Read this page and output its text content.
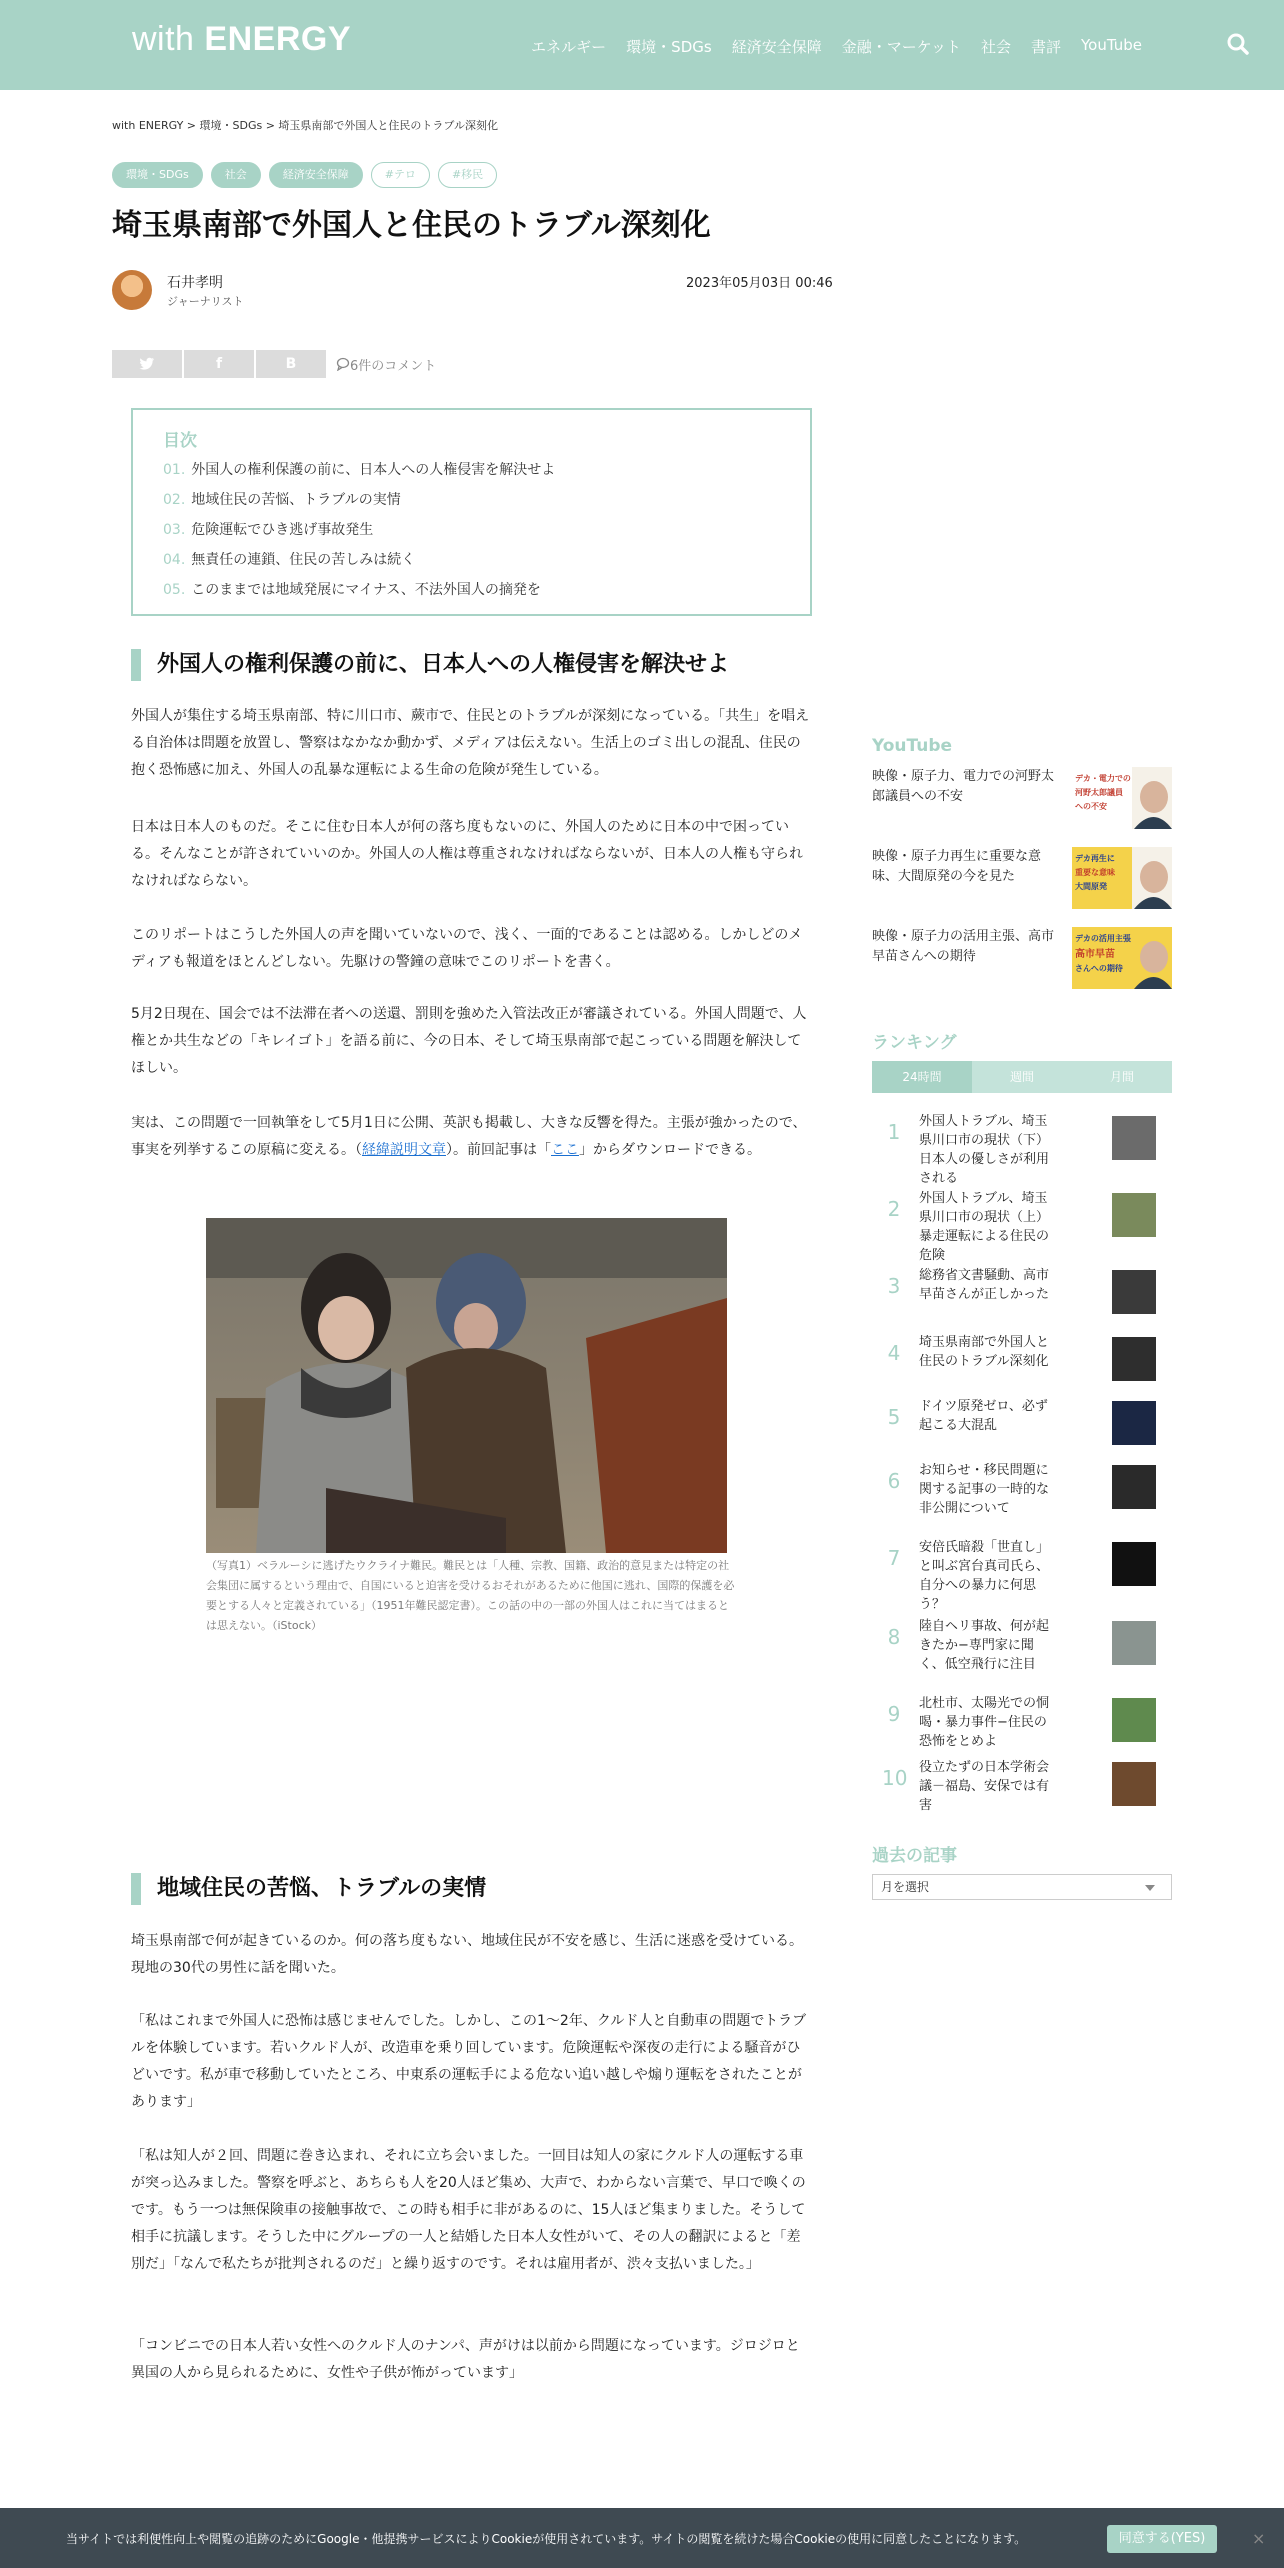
with ENERGY	エネルギー 環境・SDGs 経済安全保障 金融・マーケット 社会 書評 YouTube
with ENERGY > 環境・SDGs > 埼玉県南部で外国人と住民のトラブル深刻化
環境・SDGs	社会	経済安全保障	#テロ	#移民
埼玉県南部で外国人と住民のトラブル深刻化
石井孝明
ジャーナリスト
2023年05月03日 00:46
f	B	6件のコメント
目次
01. 外国人の権利保護の前に、日本人への人権侵害を解決せよ
02. 地域住民の苦悩、トラブルの実情
03. 危険運転でひき逃げ事故発生
04. 無責任の連鎖、住民の苦しみは続く
05. このままでは地域発展にマイナス、不法外国人の摘発を
外国人の権利保護の前に、日本人への人権侵害を解決せよ

外国人が集住する埼玉県南部、特に川口市、蕨市で、住民とのトラブルが深刻になっている。「共生」を唱える自治体は問題を放置し、警察はなかなか動かず、メディアは伝えない。生活上のゴミ出しの混乱、住民の抱く恐怖感に加え、外国人の乱暴な運転による生命の危険が発生している。

日本は日本人のものだ。そこに住む日本人が何の落ち度もないのに、外国人のために日本の中で困っている。そんなことが許されていいのか。外国人の人権は尊重されなければならないが、日本人の人権も守られなければならない。

このリポートはこうした外国人の声を聞いていないので、浅く、一面的であることは認める。しかしどのメディアも報道をほとんどしない。先駆けの警鐘の意味でこのリポートを書く。

5月2日現在、国会では不法滞在者への送還、罰則を強めた入管法改正が審議されている。外国人問題で、人権とか共生などの「キレイゴト」を語る前に、今の日本、そして埼玉県南部で起こっている問題を解決してほしい。

実は、この問題で一回執筆をして5月1日に公開、英訳も掲載し、大きな反響を得た。主張が強かったので、事実を列挙するこの原稿に変える。（経緯説明文章）。前回記事は「ここ」からダウンロードできる。

（写真1）ベラルーシに逃げたウクライナ難民。難民とは「人種、宗教、国籍、政治的意見または特定の社会集団に属するという理由で、自国にいると迫害を受けるおそれがあるために他国に逃れ、国際的保護を必要とする人々と定義されている」（1951年難民認定書）。この話の中の一部の外国人はこれに当てはまるとは思えない。（iStock）

地域住民の苦悩、トラブルの実情

埼玉県南部で何が起きているのか。何の落ち度もない、地域住民が不安を感じ、生活に迷惑を受けている。現地の30代の男性に話を聞いた。

「私はこれまで外国人に恐怖は感じませんでした。しかし、この1～2年、クルド人と自動車の問題でトラブルを体験しています。若いクルド人が、改造車を乗り回しています。危険運転や深夜の走行による騒音がひどいです。私が車で移動していたところ、中東系の運転手による危ない追い越しや煽り運転をされたことがあります」

「私は知人が２回、問題に巻き込まれ、それに立ち会いました。一回目は知人の家にクルド人の運転する車が突っ込みました。警察を呼ぶと、あちらも人を20人ほど集め、大声で、わからない言葉で、早口で喚くのです。もう一つは無保険車の接触事故で、この時も相手に非があるのに、15人ほど集まりました。そうして相手に抗議します。そうした中にグループの一人と結婚した日本人女性がいて、その人の翻訳によると「差別だ」「なんで私たちが批判されるのだ」と繰り返すのです。それは雇用者が、渋々支払いました。」

「コンビニでの日本人若い女性へのクルド人のナンパ、声がけは以前から問題になっています。ジロジロと異国の人から見られるために、女性や子供が怖がっています」

YouTube
映像・原子力、電力での河野太郎議員への不安
デカ・電力での
河野太郎議員
への不安
映像・原子力再生に重要な意味、大間原発の今を見た
デカ再生に
重要な意味
大間原発
映像・原子力の活用主張、高市早苗さんへの期待
デカの活用主張
高市早苗
さんへの期待
ランキング
24時間	週間	月間
1	外国人トラブル、埼玉県川口市の現状（下）日本人の優しさが利用される
2	外国人トラブル、埼玉県川口市の現状（上）暴走運転による住民の危険
3	総務省文書騒動、高市早苗さんが正しかった
4	埼玉県南部で外国人と住民のトラブル深刻化
5	ドイツ原発ゼロ、必ず起こる大混乱
6	お知らせ・移民問題に関する記事の一時的な非公開について
7	安倍氏暗殺「世直し」と叫ぶ宮台真司氏ら、自分への暴力に何思う？
8	陸自ヘリ事故、何が起きたか−専門家に聞く、低空飛行に注目
9	北杜市、太陽光での恫喝・暴力事件−住民の恐怖をとめよ
10 役立たずの日本学術会議－福島、安保では有害
過去の記事
月を選択
当サイトでは利便性向上や閲覧の追跡のためにGoogle・他提携サービスによりCookieが使用されています。サイトの閲覧を続けた場合Cookieの使用に同意したことになります。	同意する(YES)	×
